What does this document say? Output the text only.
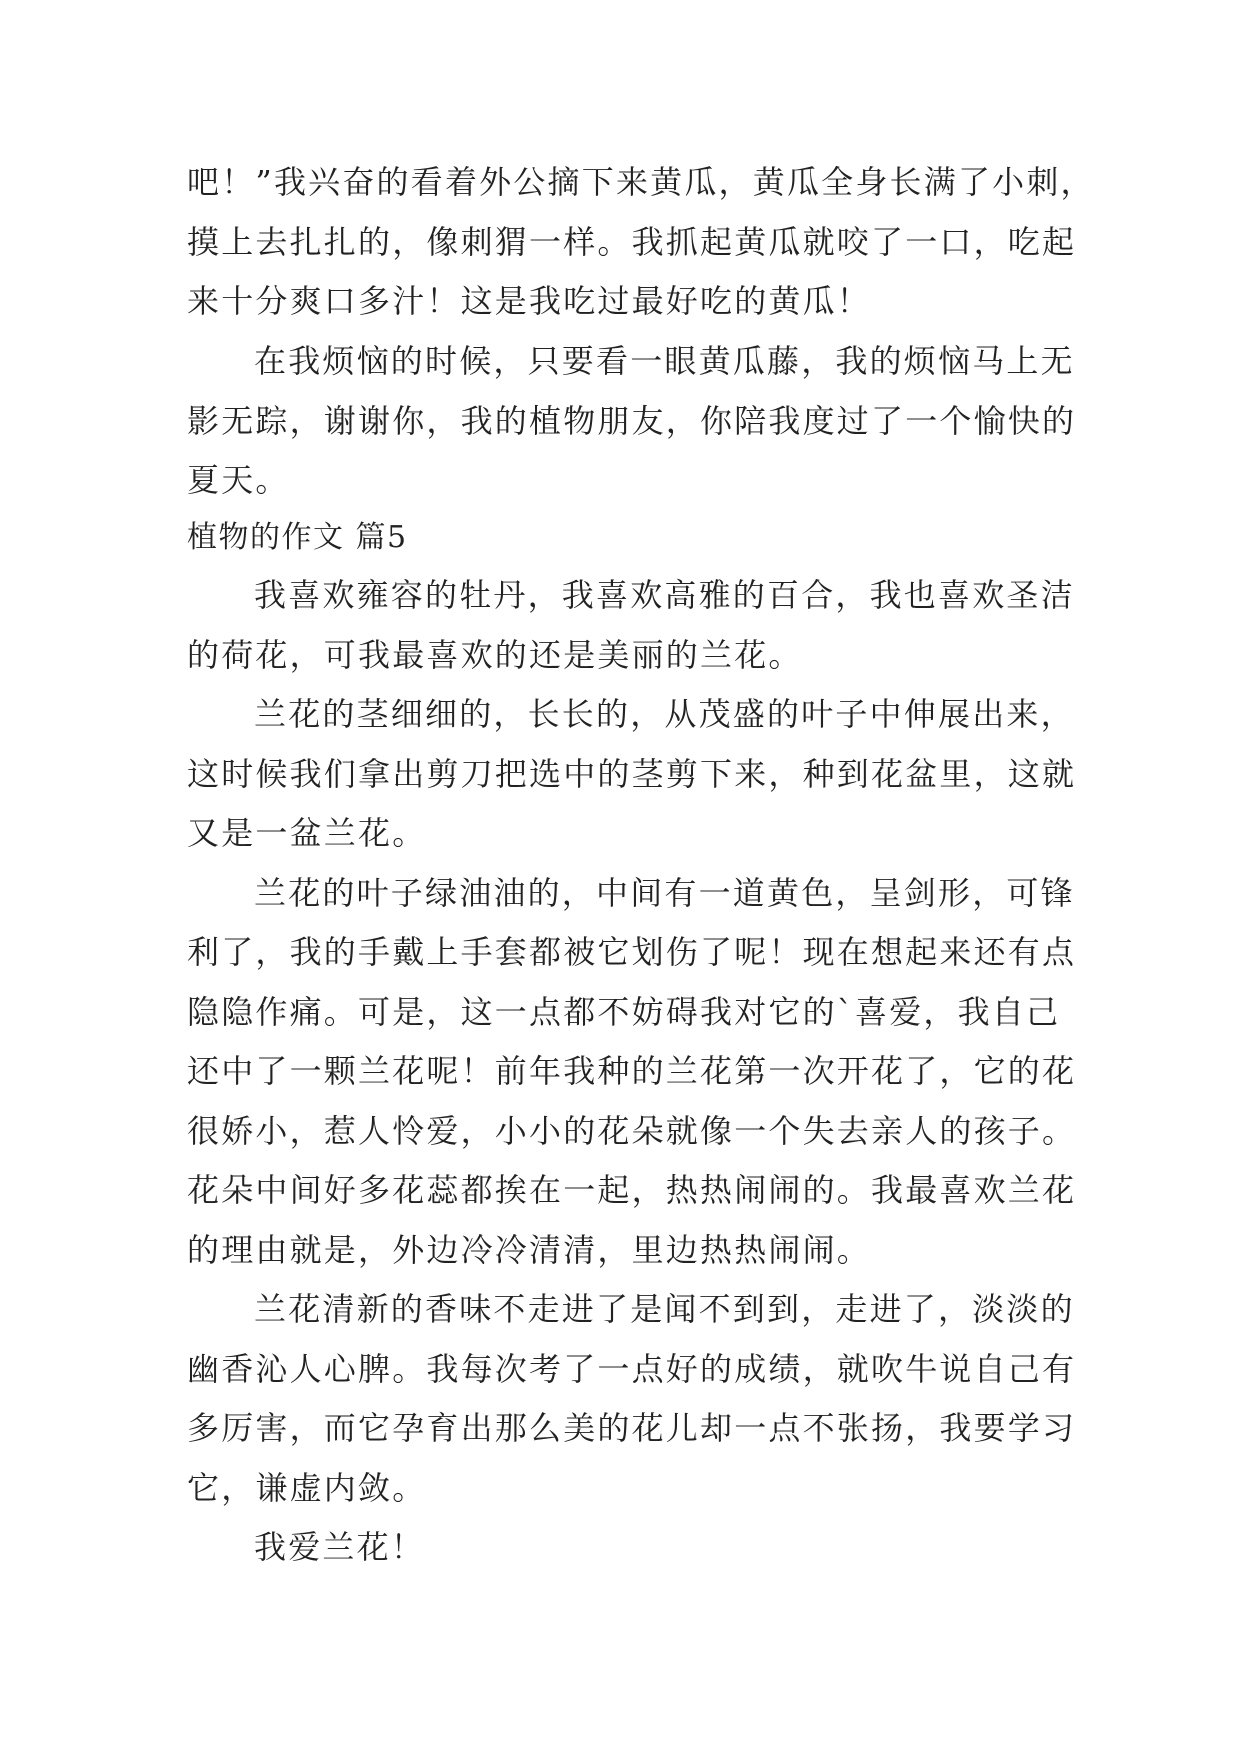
吧！”我兴奋的看着外公摘下来黄瓜，黄瓜全身长满了小刺，
摸上去扎扎的，像刺猬一样。我抓起黄瓜就咬了一口，吃起
来十分爽口多汁！这是我吃过最好吃的黄瓜！
在我烦恼的时候，只要看一眼黄瓜藤，我的烦恼马上无
影无踪，谢谢你，我的植物朋友，你陪我度过了一个愉快的
夏天。
植物的作文 篇5
我喜欢雍容的牡丹，我喜欢高雅的百合，我也喜欢圣洁
的荷花，可我最喜欢的还是美丽的兰花。
兰花的茎细细的，长长的，从茂盛的叶子中伸展出来，
这时候我们拿出剪刀把选中的茎剪下来，种到花盆里，这就
又是一盆兰花。
兰花的叶子绿油油的，中间有一道黄色，呈剑形，可锋
利了，我的手戴上手套都被它划伤了呢！现在想起来还有点
隐隐作痛。可是，这一点都不妨碍我对它的`喜爱，我自己
还中了一颗兰花呢！前年我种的兰花第一次开花了，它的花
很娇小，惹人怜爱，小小的花朵就像一个失去亲人的孩子。
花朵中间好多花蕊都挨在一起，热热闹闹的。我最喜欢兰花
的理由就是，外边冷冷清清，里边热热闹闹。
兰花清新的香味不走进了是闻不到到，走进了，淡淡的
幽香沁人心脾。我每次考了一点好的成绩，就吹牛说自己有
多厉害，而它孕育出那么美的花儿却一点不张扬，我要学习
它，谦虚内敛。
我爱兰花！
